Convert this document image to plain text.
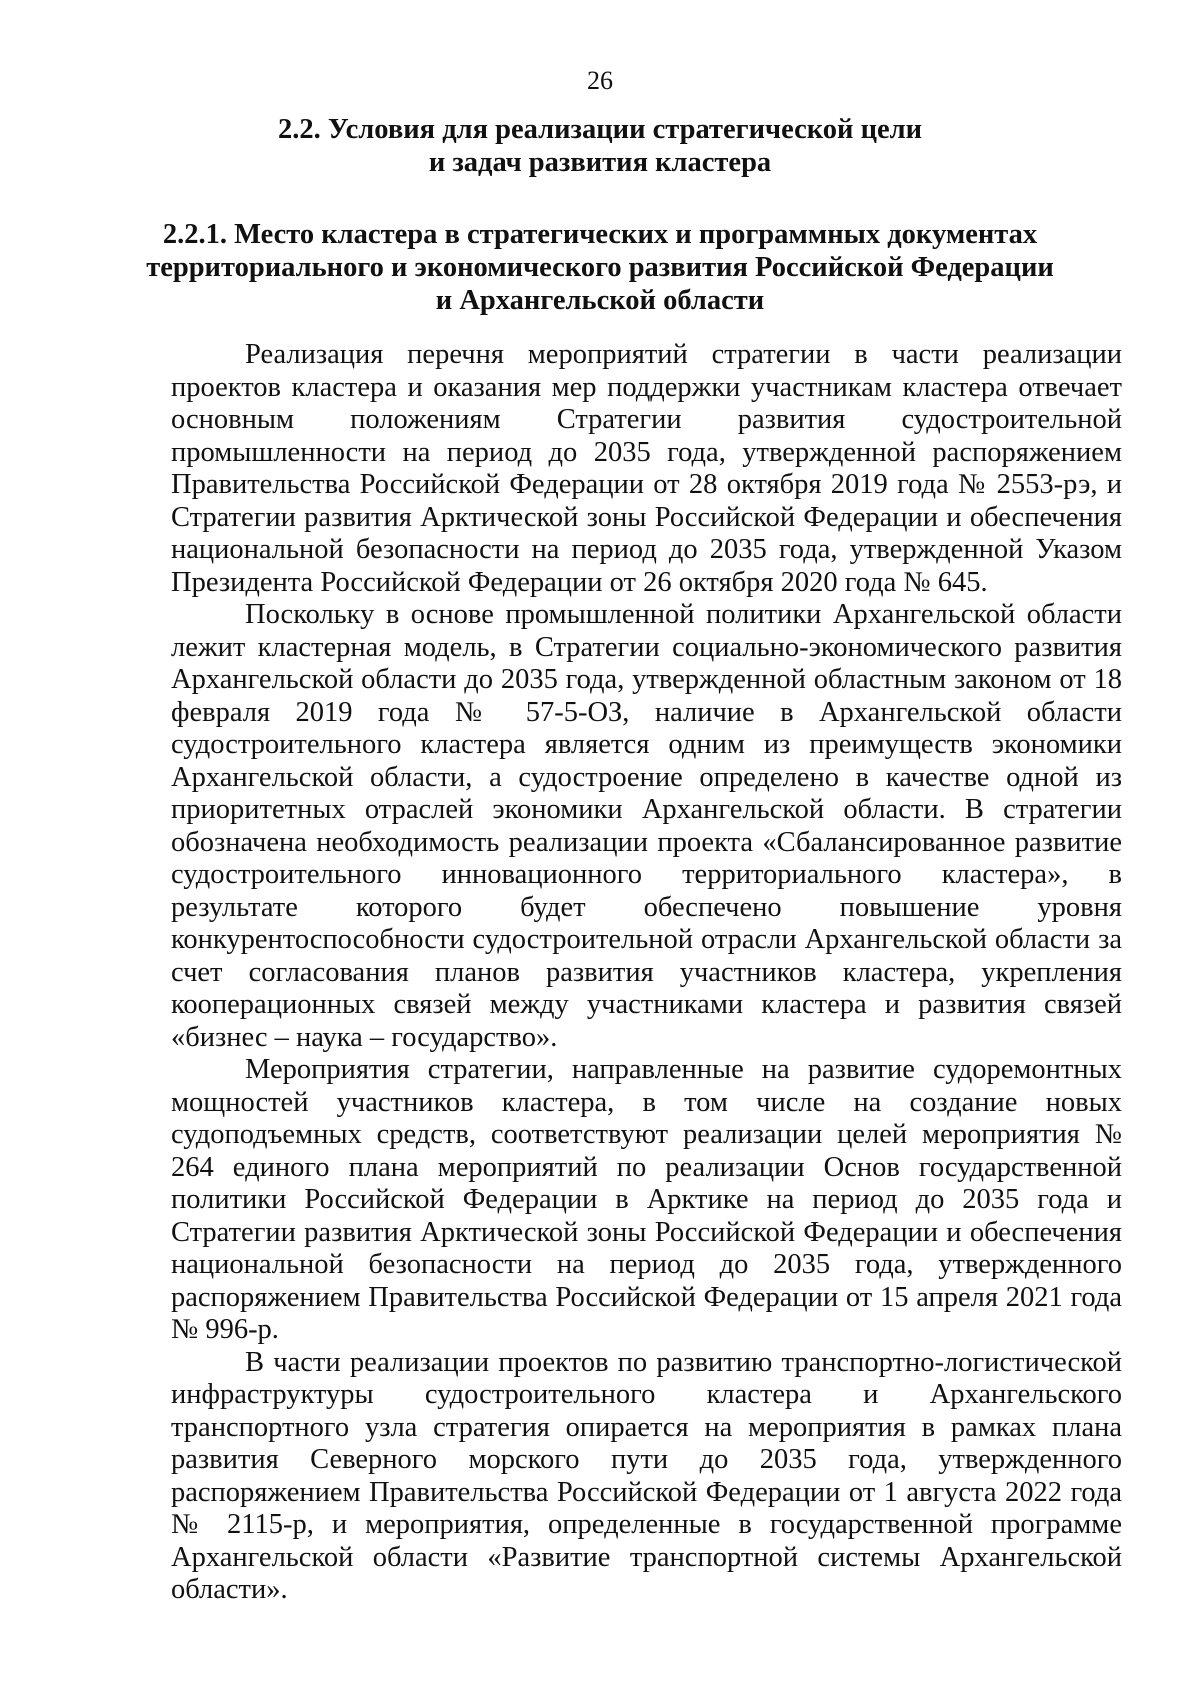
26
2.2. Условия для реализации стратегической цели
и задач развития кластера
2.2.1. Место кластера в стратегических и программных документах
территориального и экономического развития Российской Федерации
и Архангельской области

Реализация перечня мероприятий стратегии в части реализации проектов кластера и оказания мер поддержки участникам кластера отвечает основным положениям Стратегии развития судостроительной промышленности на период до 2035 года, утвержденной распоряжением Правительства Российской Федерации от 28 октября 2019 года № 2553-рэ, и Стратегии развития Арктической зоны Российской Федерации и обеспечения национальной безопасности на период до 2035 года, утвержденной Указом Президента Российской Федерации от 26 октября 2020 года № 645.

Поскольку в основе промышленной политики Архангельской области лежит кластерная модель, в Стратегии социально-экономического развития Архангельской области до 2035 года, утвержденной областным законом от 18 февраля 2019 года № 57-5-ОЗ, наличие в Архангельской области судостроительного кластера является одним из преимуществ экономики Архангельской области, а судостроение определено в качестве одной из приоритетных отраслей экономики Архангельской области. В стратегии обозначена необходимость реализации проекта «Сбалансированное развитие судостроительного инновационного территориального кластера», в результате которого будет обеспечено повышение уровня конкурентоспособности судостроительной отрасли Архангельской области за счет согласования планов развития участников кластера, укрепления кооперационных связей между участниками кластера и развития связей «бизнес – наука – государство».

Мероприятия стратегии, направленные на развитие судоремонтных мощностей участников кластера, в том числе на создание новых судоподъемных средств, соответствуют реализации целей мероприятия № 264 единого плана мероприятий по реализации Основ государственной политики Российской Федерации в Арктике на период до 2035 года и Стратегии развития Арктической зоны Российской Федерации и обеспечения национальной безопасности на период до 2035 года, утвержденного распоряжением Правительства Российской Федерации от 15 апреля 2021 года № 996-р.

В части реализации проектов по развитию транспортно-логистической инфраструктуры судостроительного кластера и Архангельского транспортного узла стратегия опирается на мероприятия в рамках плана развития Северного морского пути до 2035 года, утвержденного распоряжением Правительства Российской Федерации от 1 августа 2022 года № 2115-р, и мероприятия, определенные в государственной программе Архангельской области «Развитие транспортной системы Архангельской области».
